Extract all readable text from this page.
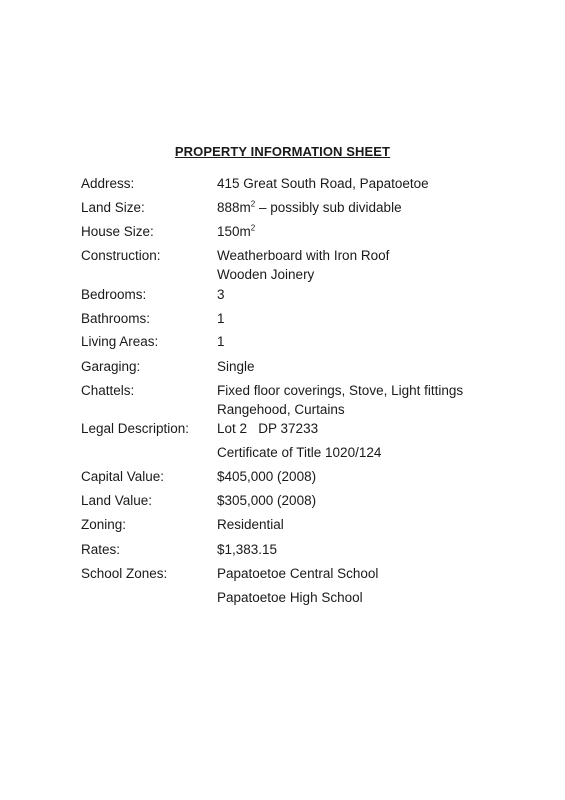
PROPERTY INFORMATION SHEET
Address:	415 Great South Road, Papatoetoe
Land Size:	$888m^2$ – possibly sub dividable
House Size:	$150m^2$
Construction:	Weatherboard with Iron Roof
Wooden Joinery
Bedrooms:	3
Bathrooms:	1
Living Areas:	1
Garaging:	Single
Chattels:	Fixed floor coverings, Stove, Light fittings
Rangehood, Curtains
Legal Description: Lot 2   DP 37233
Certificate of Title 1020/124
Capital Value:	$405,000 (2008)
Land Value:	$305,000 (2008)
Zoning:	Residential
Rates:	$1,383.15
School Zones:	Papatoetoe Central School
Papatoetoe High School
